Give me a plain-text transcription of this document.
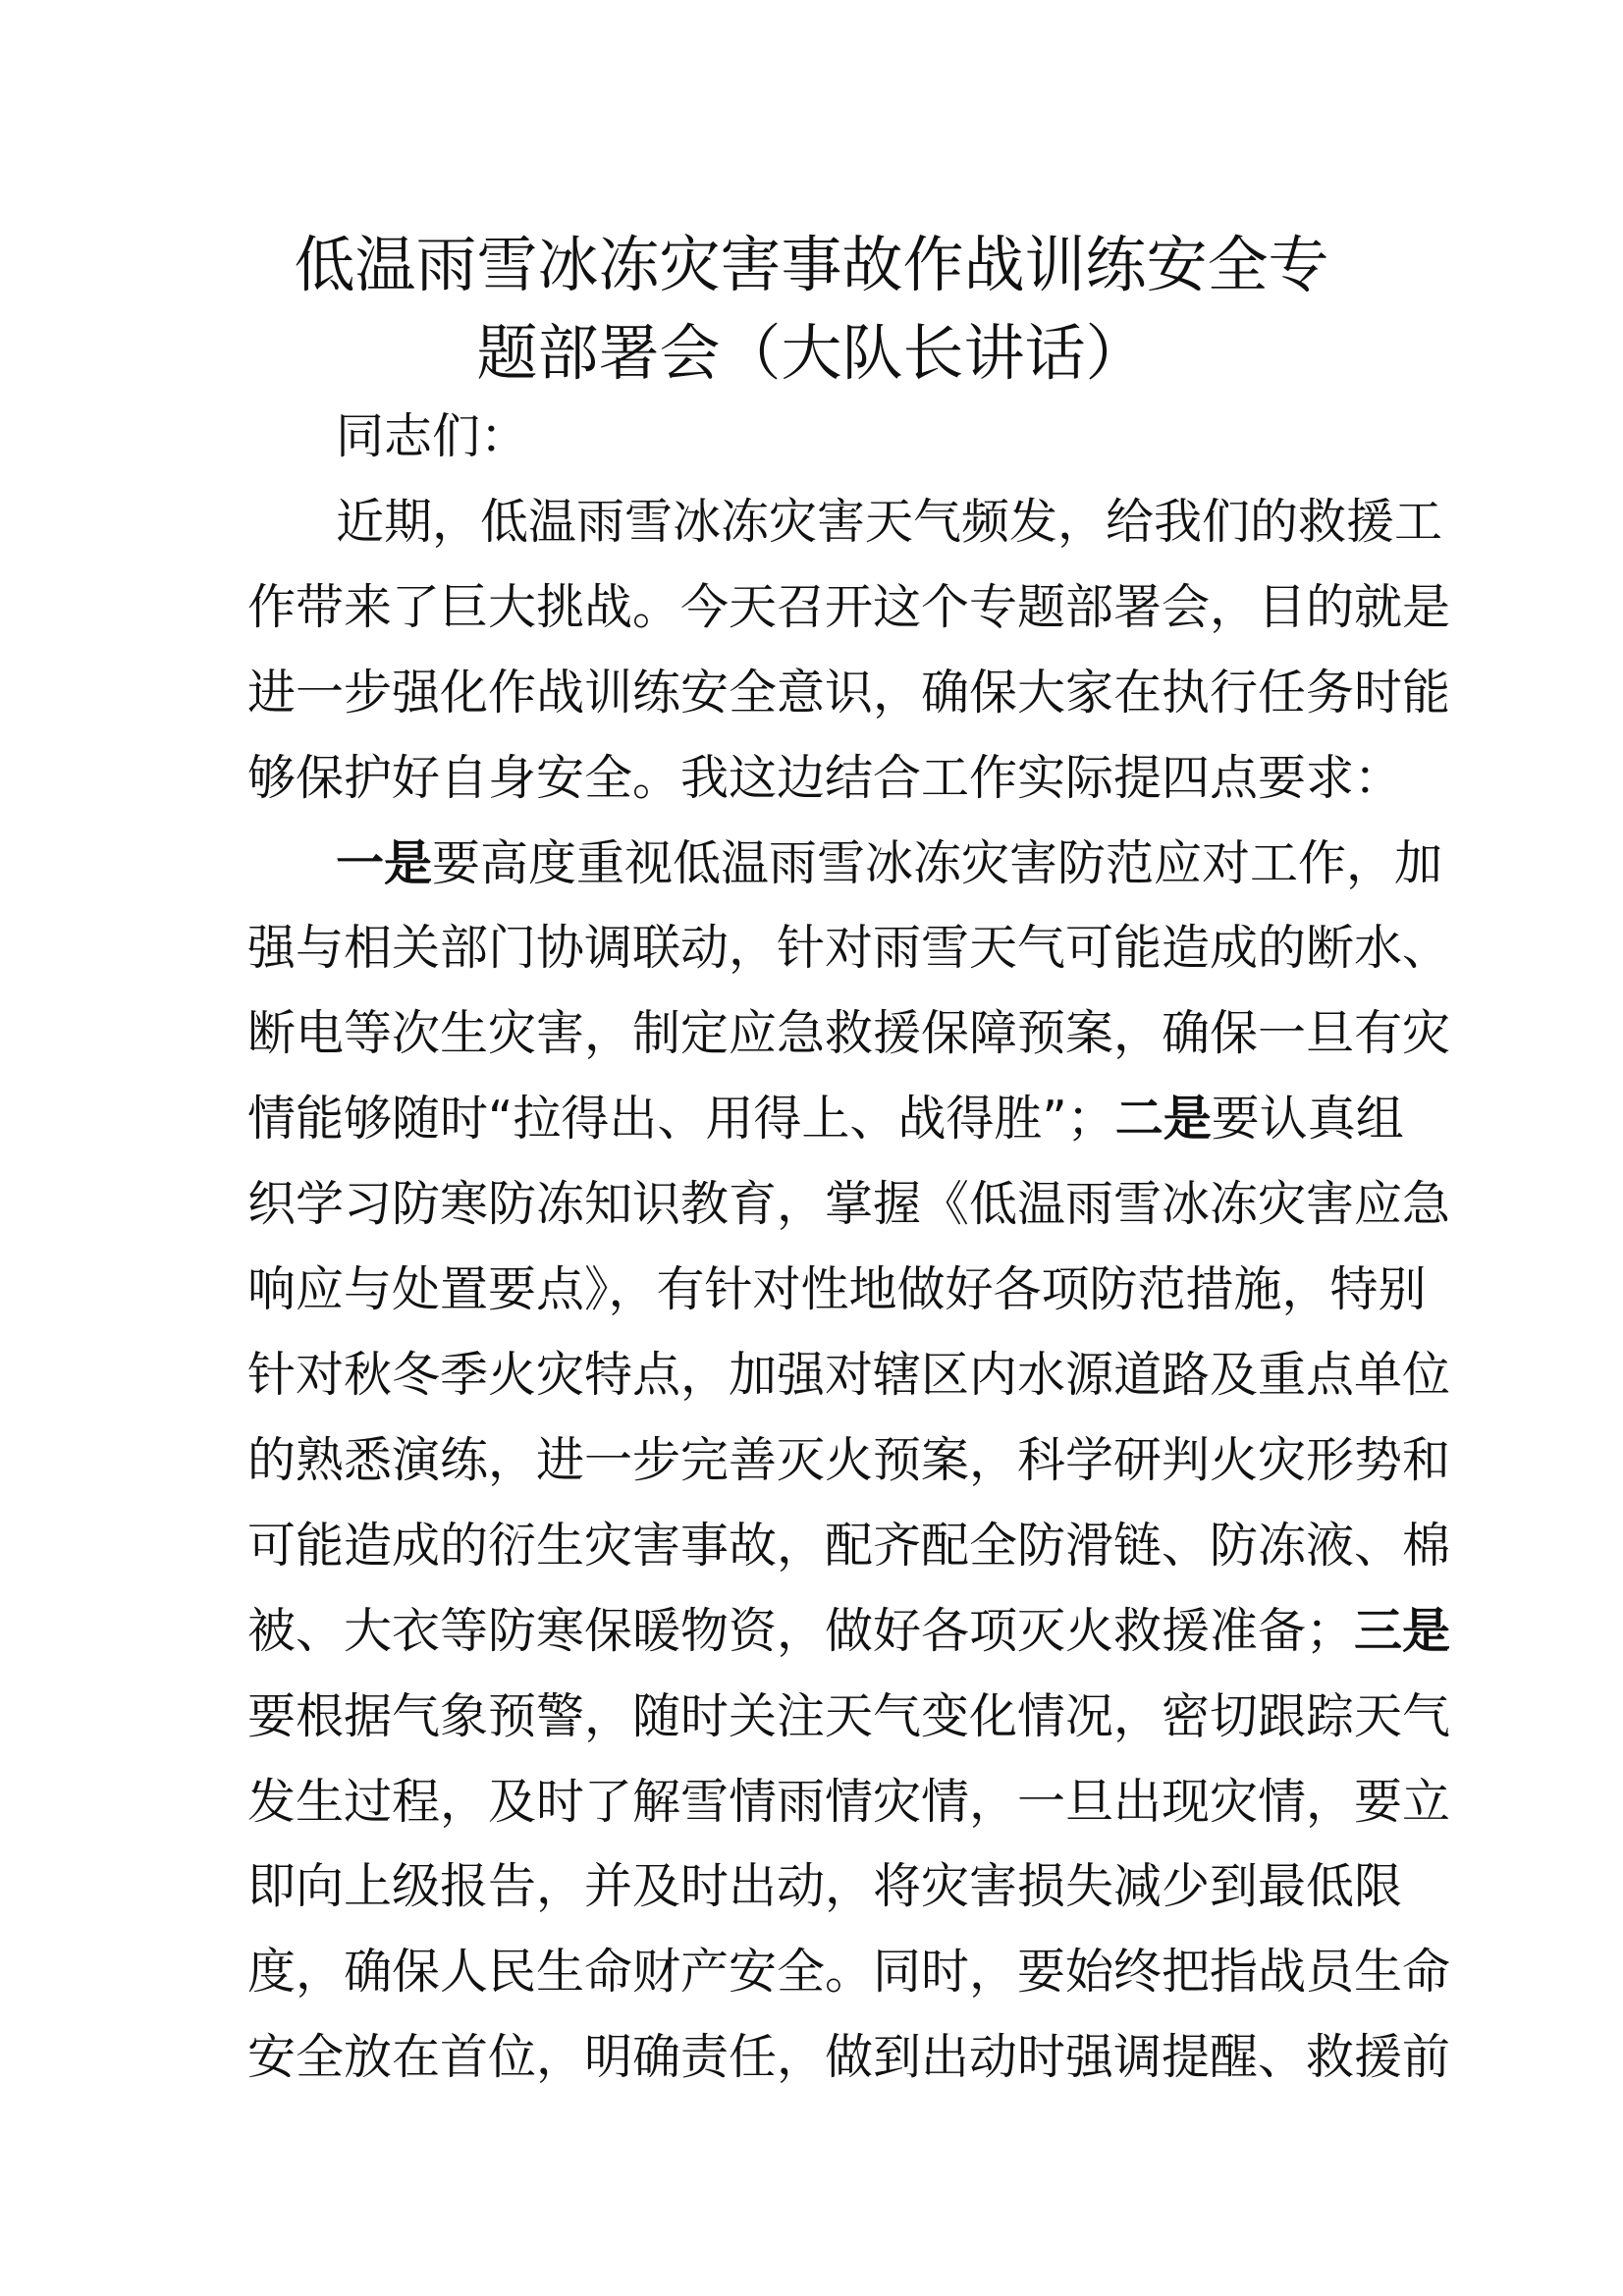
低温雨雪冰冻灾害事故作战训练安全专
题部署会（大队长讲话）
同志们：
近期，低温雨雪冰冻灾害天气频发，给我们的救援工
作带来了巨大挑战。今天召开这个专题部署会，目的就是
进一步强化作战训练安全意识，确保大家在执行任务时能
够保护好自身安全。我这边结合工作实际提四点要求：
一是要高度重视低温雨雪冰冻灾害防范应对工作，加
强与相关部门协调联动，针对雨雪天气可能造成的断水、
断电等次生灾害，制定应急救援保障预案，确保一旦有灾
情能够随时“拉得出、用得上、战得胜”；二是要认真组
织学习防寒防冻知识教育，掌握《低温雨雪冰冻灾害应急
响应与处置要点》，有针对性地做好各项防范措施，特别
针对秋冬季火灾特点，加强对辖区内水源道路及重点单位
的熟悉演练，进一步完善灭火预案，科学研判火灾形势和
可能造成的衍生灾害事故，配齐配全防滑链、防冻液、棉
被、大衣等防寒保暖物资，做好各项灭火救援准备；三是
要根据气象预警，随时关注天气变化情况，密切跟踪天气
发生过程，及时了解雪情雨情灾情，一旦出现灾情，要立
即向上级报告，并及时出动，将灾害损失减少到最低限
度，确保人民生命财产安全。同时，要始终把指战员生命
安全放在首位，明确责任，做到出动时强调提醒、救援前
